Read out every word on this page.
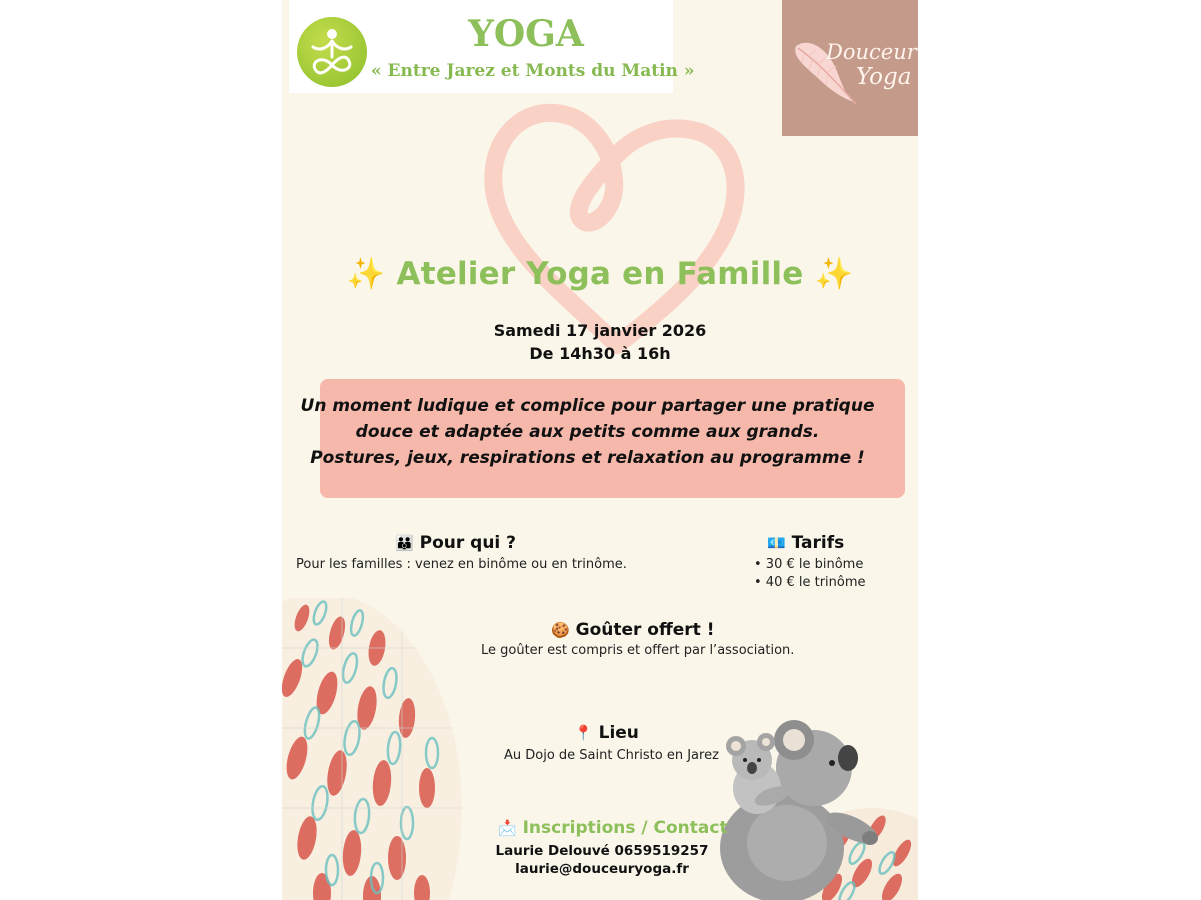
YOGA
« Entre Jarez et Monts du Matin »
Douceur
Yoga
✨ Atelier Yoga en Famille ✨
Samedi 17 janvier 2026
De 14h30 à 16h
Un moment ludique et complice pour partager une pratique
douce et adaptée aux petits comme aux grands.
Postures, jeux, respirations et relaxation au programme !
👪 Pour qui ?
Pour les familles : venez en binôme ou en trinôme.
💶 Tarifs
• 30 € le binôme
• 40 € le trinôme
🍪 Goûter offert !
Le goûter est compris et offert par l’association.
📍 Lieu
Au Dojo de Saint Christo en Jarez
📩 Inscriptions / Contact
Laurie Delouvé 0659519257
laurie@douceuryoga.fr
